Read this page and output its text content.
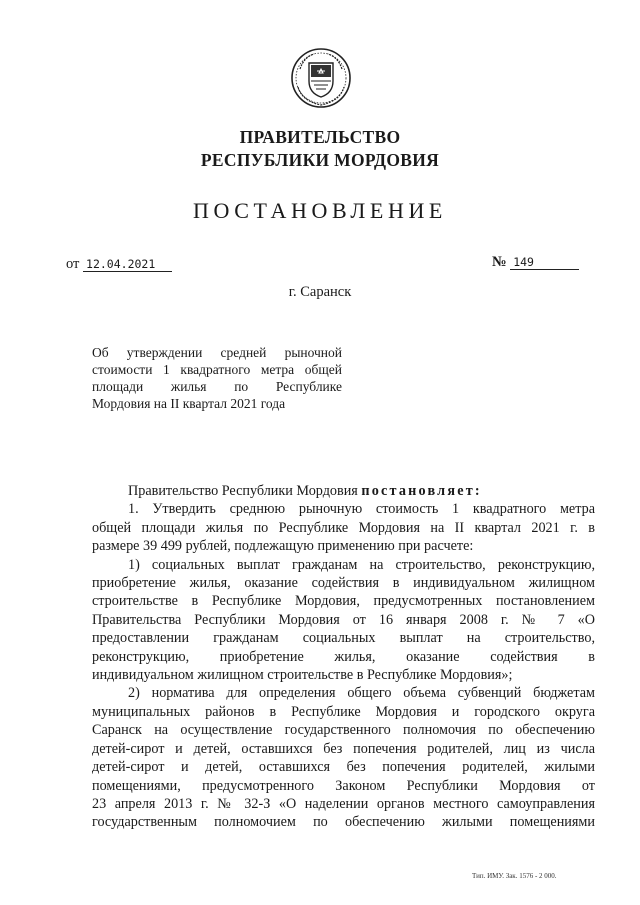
ПРАВИТЕЛЬСТВО
РЕСПУБЛИКИ МОРДОВИЯ
ПОСТАНОВЛЕНИЕ
от 12.04.2021	№ 149
г. Саранск
Об утверждении средней рыночной
стоимости 1 квадратного метра общей
площади жилья по Республике
Мордовия на II квартал 2021 года
Правительство Республики Мордовия постановляет:
1. Утвердить среднюю рыночную стоимость 1 квадратного метра
общей площади жилья по Республике Мордовия на II квартал 2021 г. в
размере 39 499 рублей, подлежащую применению при расчете:
1) социальных выплат гражданам на строительство, реконструкцию,
приобретение жилья, оказание содействия в индивидуальном жилищном
строительстве в Республике Мордовия, предусмотренных постановлением
Правительства Республики Мордовия от 16 января 2008 г. № 7 «О
предоставлении гражданам социальных выплат на строительство,
реконструкцию, приобретение жилья, оказание содействия в
индивидуальном жилищном строительстве в Республике Мордовия»;
2) норматива для определения общего объема субвенций бюджетам
муниципальных районов в Республике Мордовия и городского округа
Саранск на осуществление государственного полномочия по обеспечению
детей-сирот и детей, оставшихся без попечения родителей, лиц из числа
детей-сирот и детей, оставшихся без попечения родителей, жилыми
помещениями, предусмотренного Законом Республики Мордовия от
23 апреля 2013 г. № 32-З «О наделении органов местного самоуправления
государственным полномочием по обеспечению жилыми помещениями
Тип. ИМУ. Зак. 1576 - 2 000.
